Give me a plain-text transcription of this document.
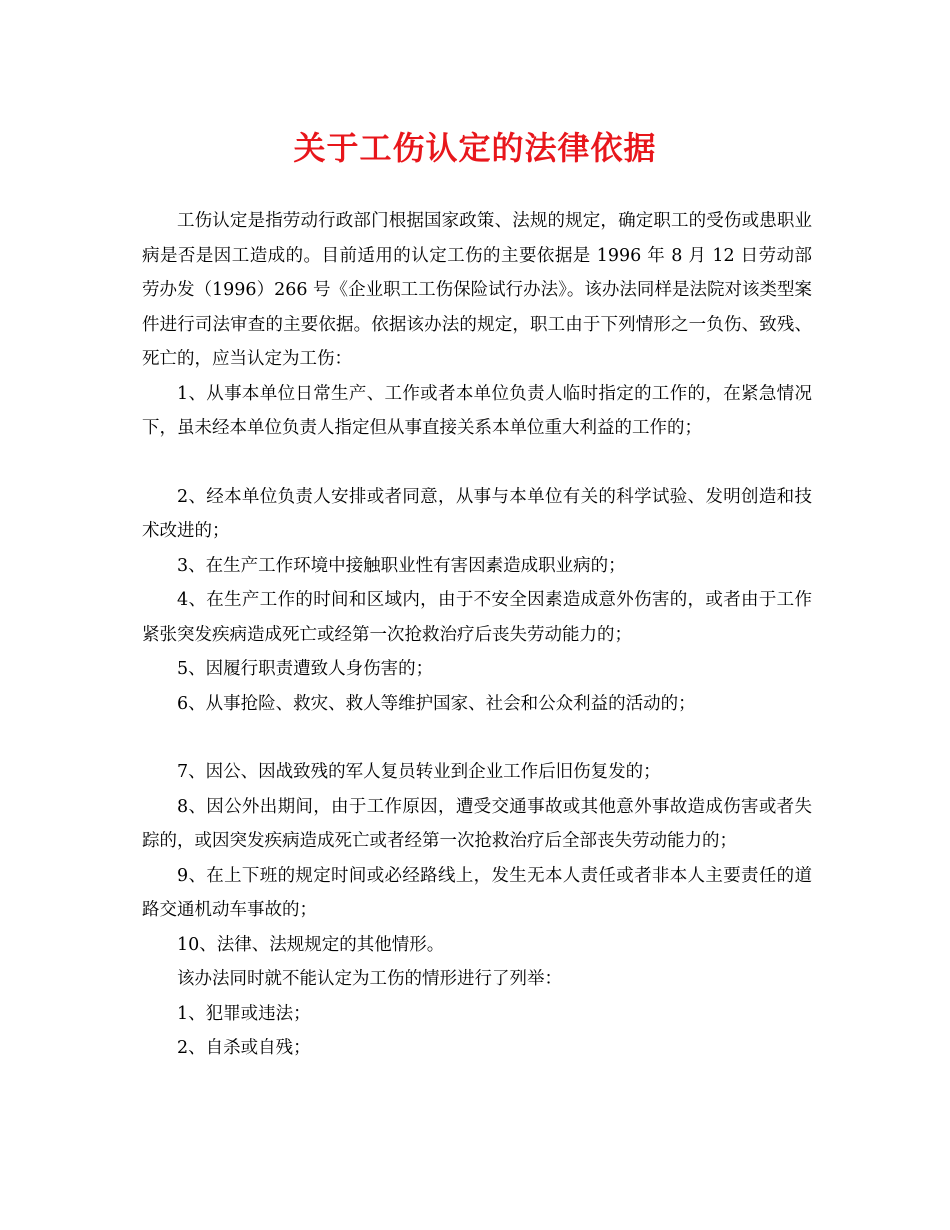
关于工伤认定的法律依据

工伤认定是指劳动行政部门根据国家政策、法规的规定，确定职工的受伤或患职业病是否是因工造成的。目前适用的认定工伤的主要依据是 1996 年 8 月 12 日劳动部劳办发（1996）266 号《企业职工工伤保险试行办法》。该办法同样是法院对该类型案件进行司法审查的主要依据。依据该办法的规定，职工由于下列情形之一负伤、致残、死亡的，应当认定为工伤：

1、从事本单位日常生产、工作或者本单位负责人临时指定的工作的，在紧急情况下，虽未经本单位负责人指定但从事直接关系本单位重大利益的工作的；

2、经本单位负责人安排或者同意，从事与本单位有关的科学试验、发明创造和技术改进的；

3、在生产工作环境中接触职业性有害因素造成职业病的；

4、在生产工作的时间和区域内，由于不安全因素造成意外伤害的，或者由于工作紧张突发疾病造成死亡或经第一次抢救治疗后丧失劳动能力的；

5、因履行职责遭致人身伤害的；

6、从事抢险、救灾、救人等维护国家、社会和公众利益的活动的；

7、因公、因战致残的军人复员转业到企业工作后旧伤复发的；

8、因公外出期间，由于工作原因，遭受交通事故或其他意外事故造成伤害或者失踪的，或因突发疾病造成死亡或者经第一次抢救治疗后全部丧失劳动能力的；

9、在上下班的规定时间或必经路线上，发生无本人责任或者非本人主要责任的道路交通机动车事故的；

10、法律、法规规定的其他情形。

该办法同时就不能认定为工伤的情形进行了列举：

1、犯罪或违法；

2、自杀或自残；
